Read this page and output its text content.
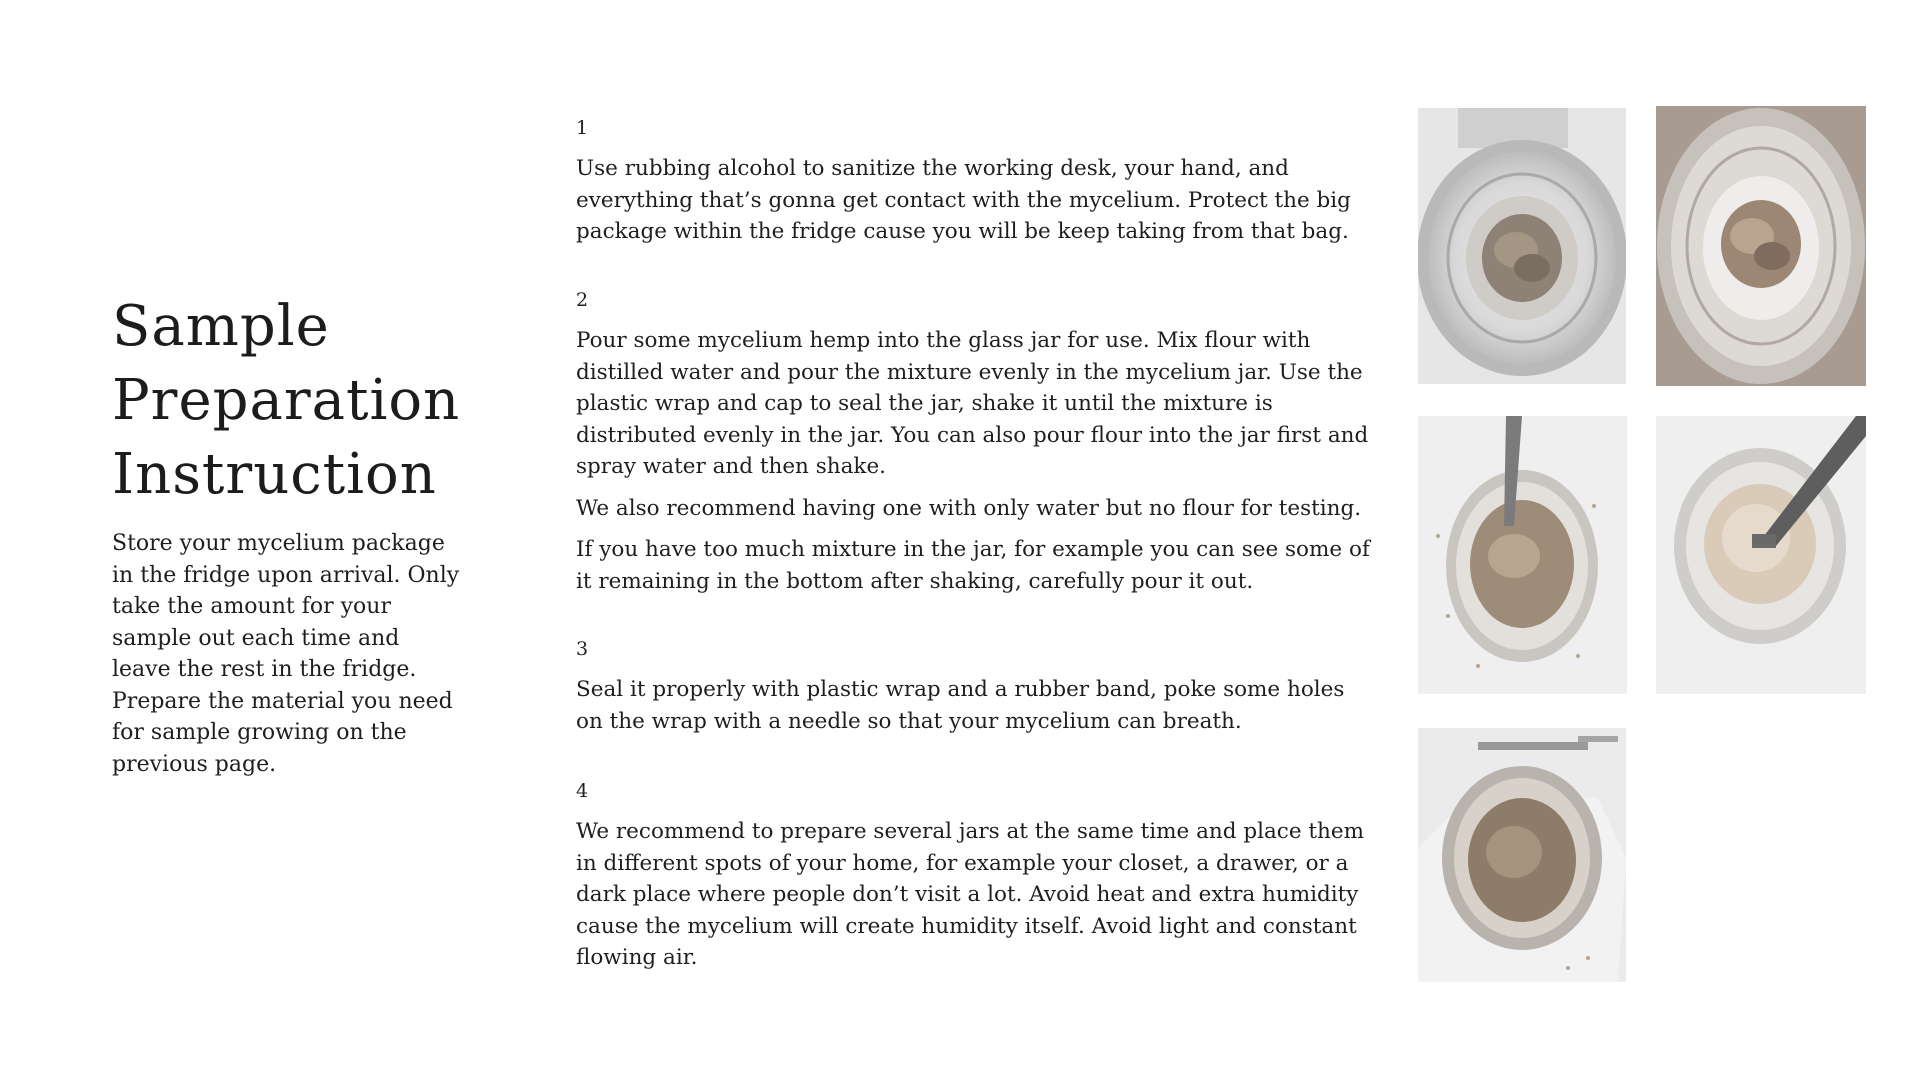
Sample Preparation Instruction

Store your mycelium package in the fridge upon arrival. Only take the amount for your sample out each time and leave the rest in the fridge. Prepare the material you need for sample growing on the previous page.

1

Use rubbing alcohol to sanitize the working desk, your hand, and everything that’s gonna get contact with the mycelium. Protect the big package within the fridge cause you will be keep taking from that bag.

2

Pour some mycelium hemp into the glass jar for use. Mix flour with distilled water and pour the mixture evenly in the mycelium jar. Use the plastic wrap and cap to seal the jar, shake it until the mixture is distributed evenly in the jar. You can also pour flour into the jar first and spray water and then shake.

We also recommend having one with only water but no flour for testing.

If you have too much mixture in the jar, for example you can see some of it remaining in the bottom after shaking, carefully pour it out.

3

Seal it properly with plastic wrap and a rubber band, poke some holes on the wrap with a needle so that your mycelium can breath.

4

We recommend to prepare several jars at the same time and place them in different spots of your home, for example your closet, a drawer, or a dark place where people don’t visit a lot. Avoid heat and extra humidity cause the mycelium will create humidity itself. Avoid light and constant flowing air.
